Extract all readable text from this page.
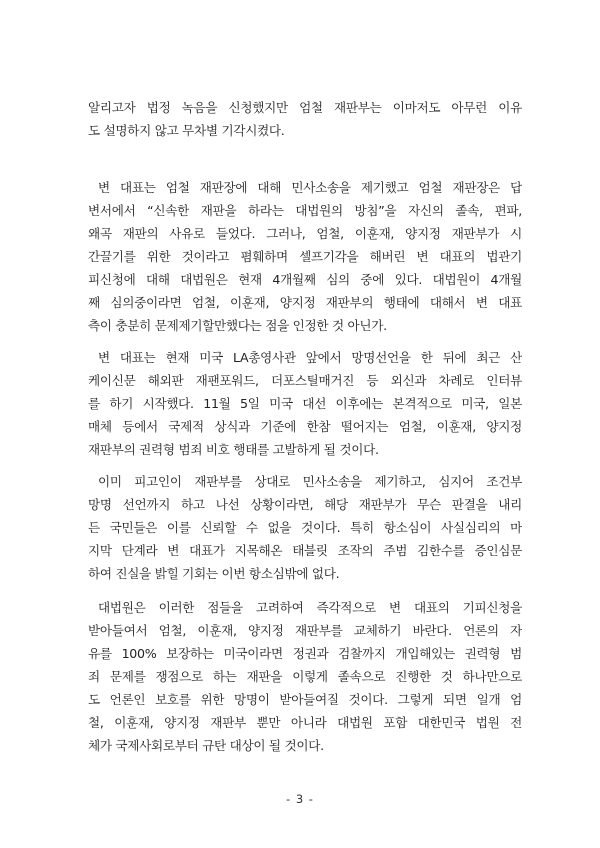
알리고자 법정 녹음을 신청했지만 엄철 재판부는 이마저도 아무런 이유
도 설명하지 않고 무차별 기각시켰다.
변 대표는 엄철 재판장에 대해 민사소송을 제기했고 엄철 재판장은 답
변서에서 “신속한 재판을 하라는 대법원의 방침”을 자신의 졸속, 편파,
왜곡 재판의 사유로 들었다. 그러나, 엄철, 이훈재, 양지정 재판부가 시
간끌기를 위한 것이라고 폄훼하며 셀프기각을 해버린 변 대표의 법관기
피신청에 대해 대법원은 현재 4개월째 심의 중에 있다. 대법원이 4개월
째 심의중이라면 엄철, 이훈재, 양지정 재판부의 행태에 대해서 변 대표
측이 충분히 문제제기할만했다는 점을 인정한 것 아닌가.
변 대표는 현재 미국 LA총영사관 앞에서 망명선언을 한 뒤에 최근 산
케이신문 해외판 재팬포워드, 더포스틸매거진 등 외신과 차례로 인터뷰
를 하기 시작했다. 11월 5일 미국 대선 이후에는 본격적으로 미국, 일본
매체 등에서 국제적 상식과 기준에 한참 떨어지는 엄철, 이훈재, 양지정
재판부의 권력형 범죄 비호 행태를 고발하게 될 것이다.
이미 피고인이 재판부를 상대로 민사소송을 제기하고, 심지어 조건부
망명 선언까지 하고 나선 상황이라면, 해당 재판부가 무슨 판결을 내리
든 국민들은 이를 신뢰할 수 없을 것이다. 특히 항소심이 사실심리의 마
지막 단계라 변 대표가 지목해온 태블릿 조작의 주범 김한수를 증인심문
하여 진실을 밝힐 기회는 이번 항소심밖에 없다.
대법원은 이러한 점들을 고려하여 즉각적으로 변 대표의 기피신청을
받아들여서 엄철, 이훈재, 양지정 재판부를 교체하기 바란다. 언론의 자
유를 100% 보장하는 미국이라면 정권과 검찰까지 개입해있는 권력형 범
죄 문제를 쟁점으로 하는 재판을 이렇게 졸속으로 진행한 것 하나만으로
도 언론인 보호를 위한 망명이 받아들여질 것이다. 그렇게 되면 일개 엄
철, 이훈재, 양지정 재판부 뿐만 아니라 대법원 포함 대한민국 법원 전
체가 국제사회로부터 규탄 대상이 될 것이다.
- 3 -
